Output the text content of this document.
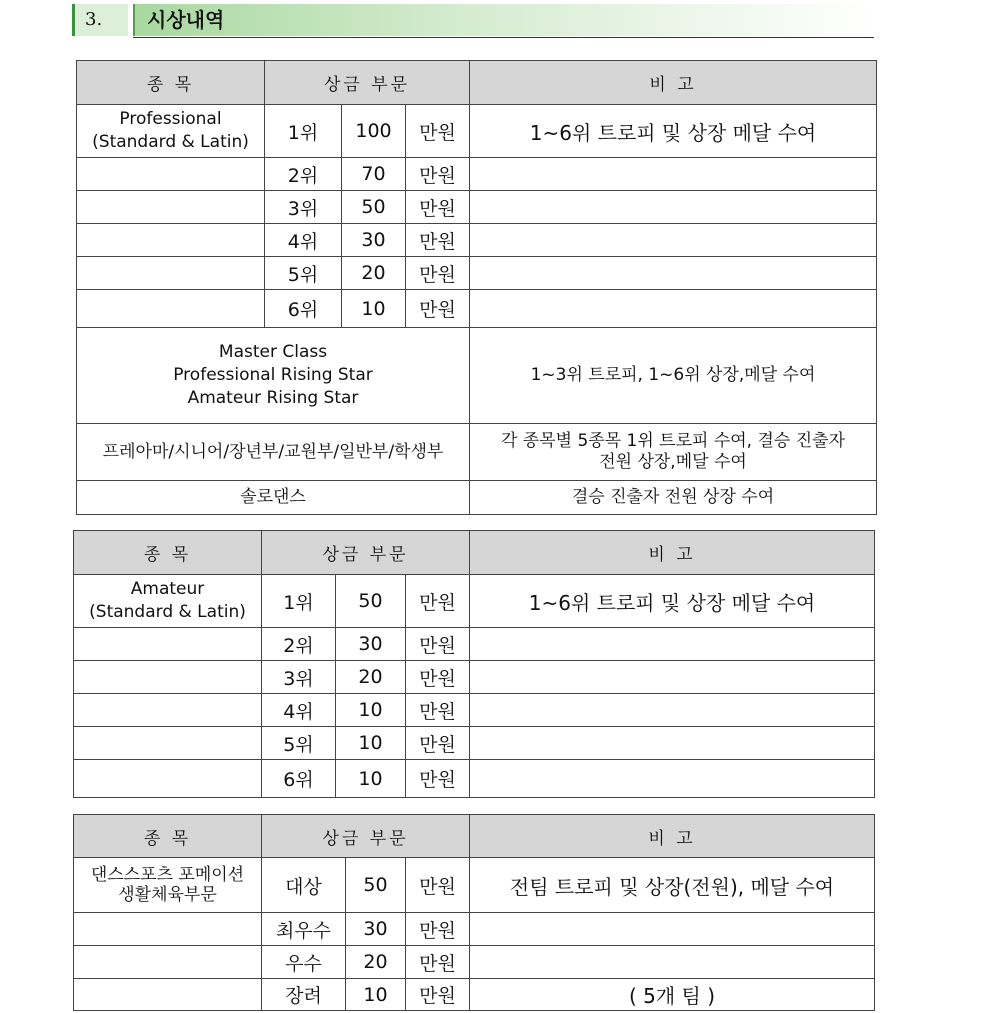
3.	시상내역
종 목	상금 부문			비 고

Professional
(Standard & Latin)	1위	100	만원	1~6위 트로피 및 상장 메달 수여
	2위	70	만원	
	3위	50	만원	
	4위	30	만원	
	5위	20	만원	
	6위	10	만원	

Master Class
Professional Rising Star
Amateur Rising Star				1~3위 트로피, 1~6위 상장,메달 수여
프레아마/시니어/장년부/교원부/일반부/학생부				각 종목별 5종목 1위 트로피 수여, 결승 진출자
전원 상장,메달 수여

솔로댄스				결승 진출자 전원 상장 수여
종 목	상금 부문			비 고

Amateur
(Standard & Latin)	1위	50	만원	1~6위 트로피 및 상장 메달 수여
	2위	30	만원	
	3위	20	만원	
	4위	10	만원	
	5위	10	만원	
	6위	10	만원	
종 목	상금 부문			비 고

댄스스포츠 포메이션
생활체육부문	대상	50	만원	전팀 트로피 및 상장(전원), 메달 수여
	최우수	30	만원	
	우수	20	만원	
	장려	10	만원	( 5개 팀 )
